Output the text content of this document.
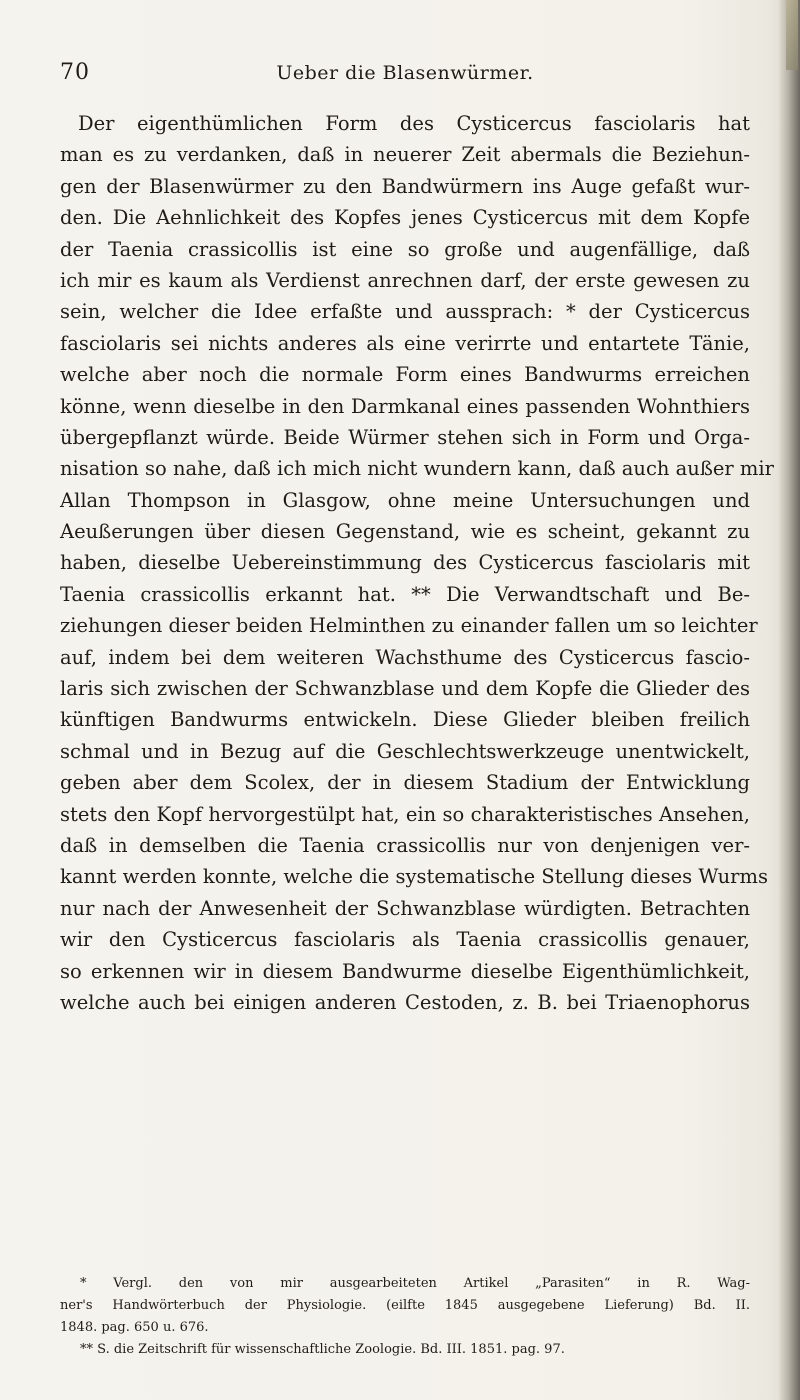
70	Ueber die Blasenwürmer.
Der eigenthümlichen Form des Cysticercus fasciolaris hat
man es zu verdanken, daß in neuerer Zeit abermals die Beziehun-
gen der Blasenwürmer zu den Bandwürmern ins Auge gefaßt wur-
den. Die Aehnlichkeit des Kopfes jenes Cysticercus mit dem Kopfe
der Taenia crassicollis ist eine so große und augenfällige, daß
ich mir es kaum als Verdienst anrechnen darf, der erste gewesen zu
sein, welcher die Idee erfaßte und aussprach: * der Cysticercus
fasciolaris sei nichts anderes als eine verirrte und entartete Tänie,
welche aber noch die normale Form eines Bandwurms erreichen
könne, wenn dieselbe in den Darmkanal eines passenden Wohnthiers
übergepflanzt würde. Beide Würmer stehen sich in Form und Orga-
nisation so nahe, daß ich mich nicht wundern kann, daß auch außer mir
Allan Thompson in Glasgow, ohne meine Untersuchungen und
Aeußerungen über diesen Gegenstand, wie es scheint, gekannt zu
haben, dieselbe Uebereinstimmung des Cysticercus fasciolaris mit
Taenia crassicollis erkannt hat. ** Die Verwandtschaft und Be-
ziehungen dieser beiden Helminthen zu einander fallen um so leichter
auf, indem bei dem weiteren Wachsthume des Cysticercus fascio-
laris sich zwischen der Schwanzblase und dem Kopfe die Glieder des
künftigen Bandwurms entwickeln. Diese Glieder bleiben freilich
schmal und in Bezug auf die Geschlechtswerkzeuge unentwickelt,
geben aber dem Scolex, der in diesem Stadium der Entwicklung
stets den Kopf hervorgestülpt hat, ein so charakteristisches Ansehen,
daß in demselben die Taenia crassicollis nur von denjenigen ver-
kannt werden konnte, welche die systematische Stellung dieses Wurms
nur nach der Anwesenheit der Schwanzblase würdigten. Betrachten
wir den Cysticercus fasciolaris als Taenia crassicollis genauer,
so erkennen wir in diesem Bandwurme dieselbe Eigenthümlichkeit,
welche auch bei einigen anderen Cestoden, z. B. bei Triaenophorus
* Vergl. den von mir ausgearbeiteten Artikel „Parasiten“ in R. Wag-
ner's Handwörterbuch der Physiologie. (eilfte 1845 ausgegebene Lieferung) Bd. II.
1848. pag. 650 u. 676.
** S. die Zeitschrift für wissenschaftliche Zoologie. Bd. III. 1851. pag. 97.
